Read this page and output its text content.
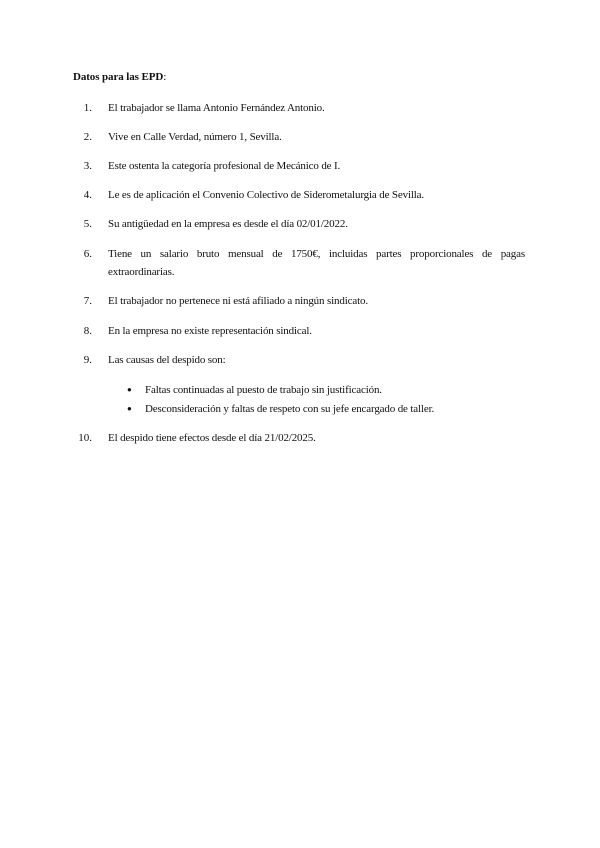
Datos para las EPD:
1. El trabajador se llama Antonio Fernández Antonio.
2. Vive en Calle Verdad, número 1, Sevilla.
3. Este ostenta la categoría profesional de Mecánico de I.
4. Le es de aplicación el Convenio Colectivo de Siderometalurgia de Sevilla.
5. Su antigüedad en la empresa es desde el día 02/01/2022.
6. Tiene un salario bruto mensual de 1750€, incluidas partes proporcionales de pagas extraordinarias.
7. El trabajador no pertenece ni está afiliado a ningún sindicato.
8. En la empresa no existe representación sindical.
9. Las causas del despido son:
● Faltas continuadas al puesto de trabajo sin justificación.
● Desconsideración y faltas de respeto con su jefe encargado de taller.
10. El despido tiene efectos desde el día 21/02/2025.
